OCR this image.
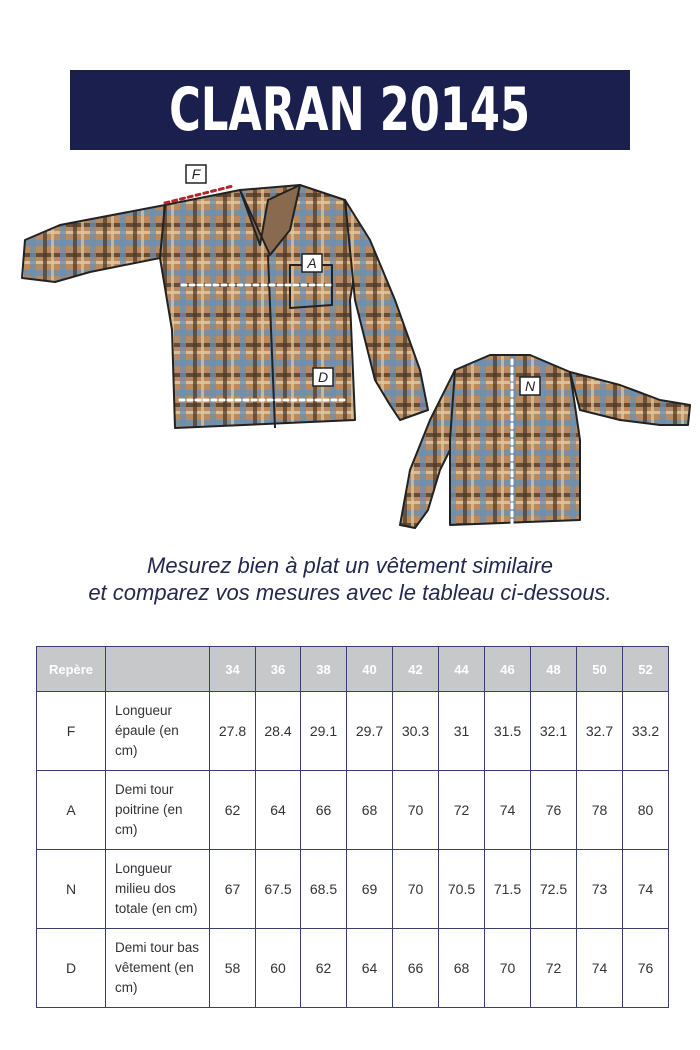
CLARAN 20145
F
A
D
N
Mesurez bien à plat un vêtement similaire
et comparez vos mesures avec le tableau ci-dessous.
Repère		34	36	38	40	42	44	46	48	50	52
F	Longueur
épaule (en
cm)	27.8	28.4	29.1	29.7	30.3	31	31.5	32.1	32.7	33.2
A	Demi tour
poitrine (en
cm)	62	64	66	68	70	72	74	76	78	80
N	Longueur
milieu dos
totale (en cm)	67	67.5	68.5	69	70	70.5	71.5	72.5	73	74
D	Demi tour bas
vêtement (en
cm)	58	60	62	64	66	68	70	72	74	76
